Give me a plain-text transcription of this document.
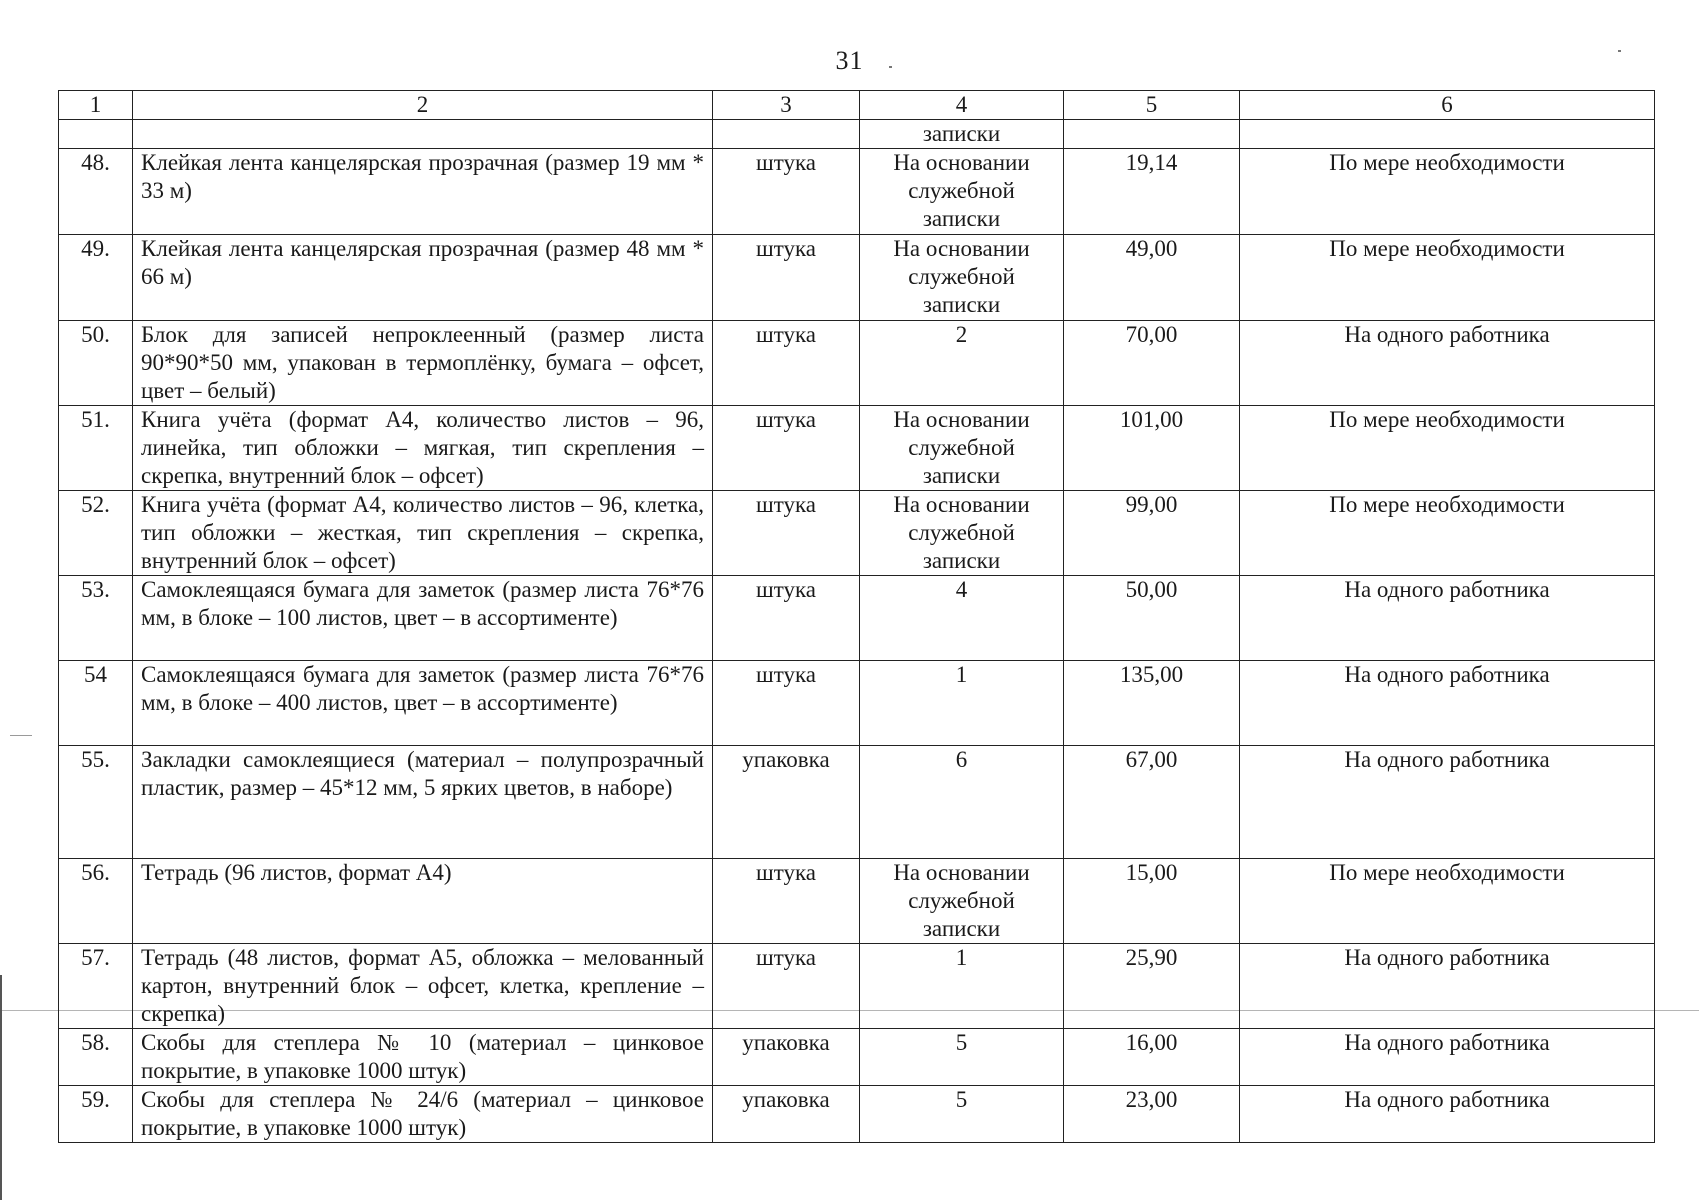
31
1	2	3	4	5	6
			записки		
48.	Клейкая лента канцелярская прозрачная (размер 19 мм * 33 м)	штука	На основании служебной записки	19,14	По мере необходимости
49.	Клейкая лента канцелярская прозрачная (размер 48 мм * 66 м)	штука	На основании служебной записки	49,00	По мере необходимости
50.	Блок для записей непроклеенный (размер листа 90*90*50 мм, упакован в термоплёнку, бумага – офсет, цвет – белый)	штука	2	70,00	На одного работника
51.	Книга учёта (формат А4, количество листов – 96, линейка, тип обложки – мягкая, тип скрепления – скрепка, внутренний блок – офсет)	штука	На основании служебной записки	101,00	По мере необходимости
52.	Книга учёта (формат А4, количество листов – 96, клетка, тип обложки – жесткая, тип скрепления – скрепка, внутренний блок – офсет)	штука	На основании служебной записки	99,00	По мере необходимости
53.	Самоклеящаяся бумага для заметок (размер листа 76*76 мм, в блоке – 100 листов, цвет – в ассортименте)	штука	4	50,00	На одного работника
54	Самоклеящаяся бумага для заметок (размер листа 76*76 мм, в блоке – 400 листов, цвет – в ассортименте)	штука	1	135,00	На одного работника
55.	Закладки самоклеящиеся (материал – полупрозрачный пластик, размер – 45*12 мм, 5 ярких цветов, в наборе)	упаковка	6	67,00	На одного работника
56.	Тетрадь (96 листов, формат А4)	штука	На основании служебной записки	15,00	По мере необходимости
57.	Тетрадь (48 листов, формат А5, обложка – мелованный картон, внутренний блок – офсет, клетка, крепление – скрепка)	штука	1	25,90	На одного работника
58.	Скобы для степлера № 10 (материал – цинковое покрытие, в упаковке 1000 штук)	упаковка	5	16,00	На одного работника
59.	Скобы для степлера № 24/6 (материал – цинковое покрытие, в упаковке 1000 штук)	упаковка	5	23,00	На одного работника
